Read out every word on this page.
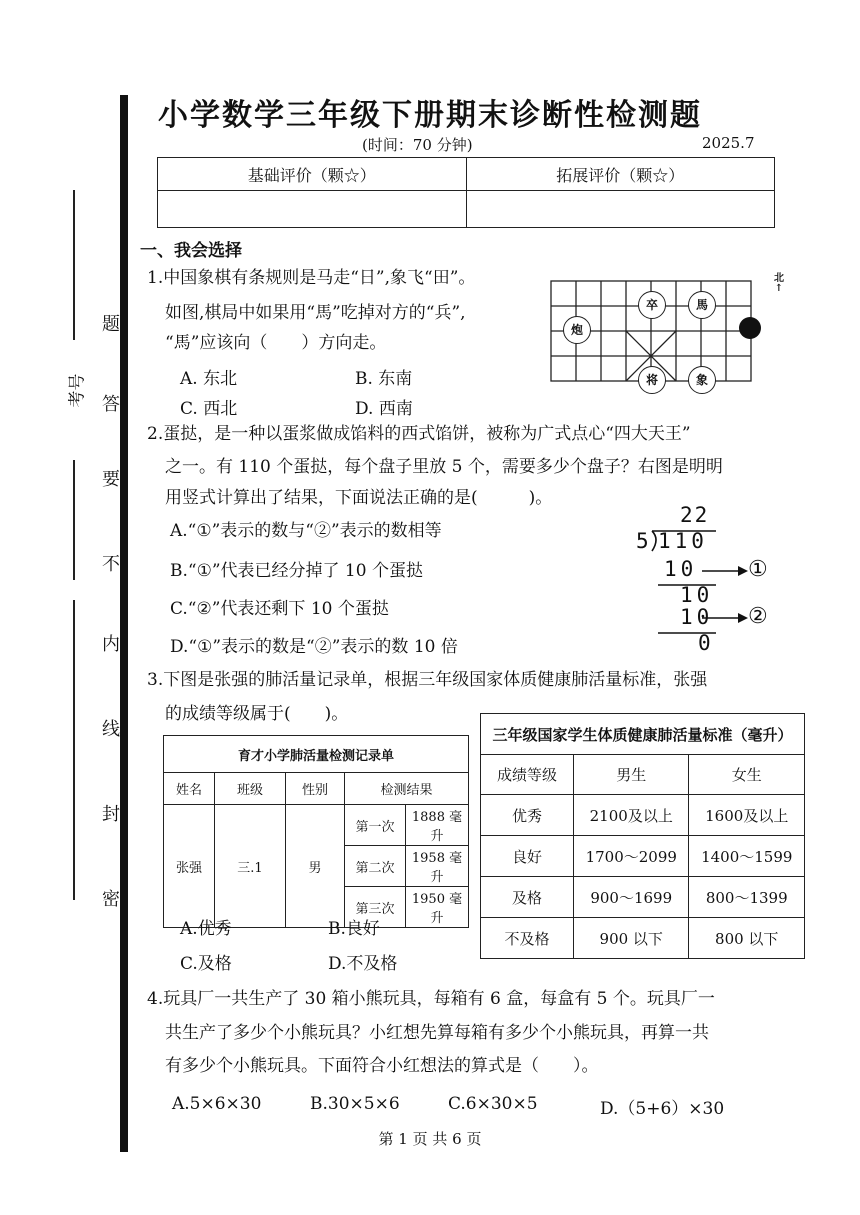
考号
题
答
要
不
内
线
封
密
小学数学三年级下册期末诊断性检测题
(时间：70 分钟)	2025.7
基础评价（颗☆）	拓展评价（颗☆）

一、我会选择
1.中国象棋有条规则是马走“日”,象飞“田”。
如图,棋局中如果用“馬”吃掉对方的“兵”,
“馬”应该向（　　）方向走。
A. 东北	B. 东南
C. 西北	D. 西南
炮
卒	馬
将	象
北
↑
2.蛋挞，是一种以蛋浆做成馅料的西式馅饼，被称为广式点心“四大天王”
之一。有 110 个蛋挞，每个盘子里放 5 个，需要多少个盘子？右图是明明
用竖式计算出了结果，下面说法正确的是(　　　)。
A.“①”表示的数与“②”表示的数相等
B.“①”代表已经分掉了 10 个蛋挞
C.“②”代表还剩下 10 个蛋挞
D.“①”表示的数是“②”表示的数 10 倍
22
5 110
10 ①
10
10 ②
0
3.下图是张强的肺活量记录单，根据三年级国家体质健康肺活量标准，张强
的成绩等级属于(　　)。
育才小学肺活量检测记录单				
姓名	班级	性别	检测结果	
张强	三.1	男	第一次	1888 毫升
			第二次	1958 毫升
			第三次	1950 毫升
三年级国家学生体质健康肺活量标准（毫升）		
成绩等级	男生	女生
优秀	2100及以上	1600及以上
良好	1700～2099	1400～1599
及格	900～1699	800～1399
不及格	900 以下	800 以下
A.优秀	B.良好
C.及格	D.不及格
4.玩具厂一共生产了 30 箱小熊玩具，每箱有 6 盒，每盒有 5 个。玩具厂一
共生产了多少个小熊玩具？小红想先算每箱有多少个小熊玩具，再算一共
有多少个小熊玩具。下面符合小红想法的算式是（　　）。
A.5×6×30	B.30×5×6	C.6×30×5	D.（5+6）×30
第 1 页 共 6 页
